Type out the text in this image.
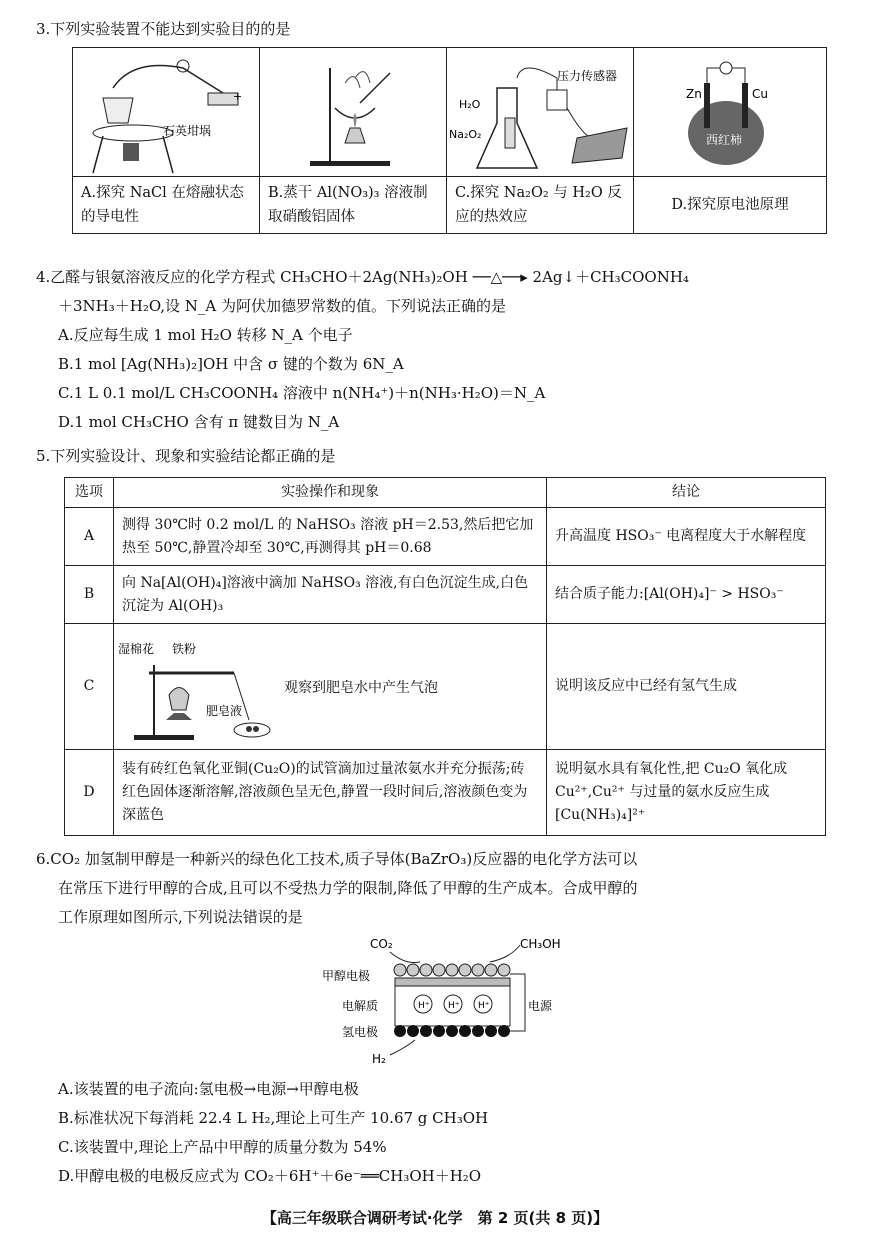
3.下列实验装置不能达到实验目的的是
+
石英坩埚		压力传感器
H₂O
Na₂O₂	Zn Cu
西红柿

A.探究 NaCl 在熔融状态的导电性	B.蒸干 Al(NO₃)₃ 溶液制取硝酸铝固体	C.探究 Na₂O₂ 与 H₂O 反应的热效应	D.探究原电池原理
4.乙醛与银氨溶液反应的化学方程式 CH₃CHO＋2Ag(NH₃)₂OH ──△──▸ 2Ag↓＋CH₃COONH₄
＋3NH₃＋H₂O,设 N_A 为阿伏加德罗常数的值。下列说法正确的是
A.反应每生成 1 mol H₂O 转移 N_A 个电子
B.1 mol [Ag(NH₃)₂]OH 中含 σ 键的个数为 6N_A
C.1 L 0.1 mol/L CH₃COONH₄ 溶液中 n(NH₄⁺)＋n(NH₃·H₂O)＝N_A
D.1 mol CH₃CHO 含有 π 键数目为 N_A
5.下列实验设计、现象和实验结论都正确的是
选项	实验操作和现象	结论
A	测得 30℃时 0.2 mol/L 的 NaHSO₃ 溶液 pH＝2.53,然后把它加热至 50℃,静置冷却至 30℃,再测得其 pH＝0.68	升高温度 HSO₃⁻ 电离程度大于水解程度
B	向 Na[Al(OH)₄]溶液中滴加 NaHSO₃ 溶液,有白色沉淀生成,白色沉淀为 Al(OH)₃	结合质子能力:[Al(OH)₄]⁻ > HSO₃⁻
C	湿棉花 铁粉
肥皂液
观察到肥皂水中产生气泡	说明该反应中已经有氢气生成
D	装有砖红色氧化亚铜(Cu₂O)的试管滴加过量浓氨水并充分振荡;砖红色固体逐渐溶解,溶液颜色呈无色,静置一段时间后,溶液颜色变为深蓝色	说明氨水具有氧化性,把 Cu₂O 氧化成 Cu²⁺,Cu²⁺ 与过量的氨水反应生成[Cu(NH₃)₄]²⁺
6.CO₂ 加氢制甲醇是一种新兴的绿色化工技术,质子导体(BaZrO₃)反应器的电化学方法可以
在常压下进行甲醇的合成,且可以不受热力学的限制,降低了甲醇的生产成本。合成甲醇的
工作原理如图所示,下列说法错误的是
CO₂	CH₃OH
甲醇电极
H⁺ H⁺ H⁺
电解质
氢电极
电源
H₂
A.该装置的电子流向:氢电极→电源→甲醇电极
B.标准状况下每消耗 22.4 L H₂,理论上可生产 10.67 g CH₃OH
C.该装置中,理论上产品中甲醇的质量分数为 54%
D.甲醇电极的电极反应式为 CO₂＋6H⁺＋6e⁻══CH₃OH＋H₂O
【高三年级联合调研考试·化学　第 2 页(共 8 页)】
